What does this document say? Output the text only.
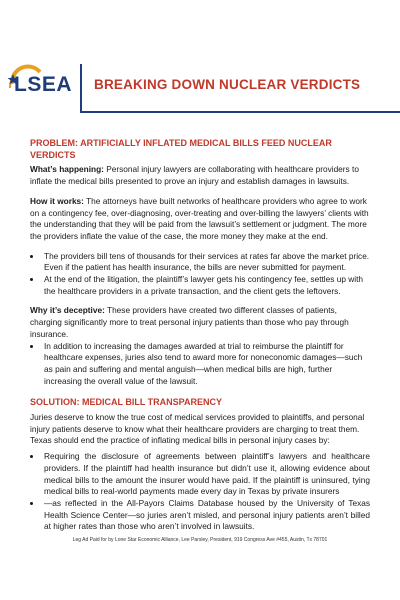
LSEA BREAKING DOWN NUCLEAR VERDICTS
PROBLEM: ARTIFICIALLY INFLATED MEDICAL BILLS FEED NUCLEAR VERDICTS

What’s happening: Personal injury lawyers are collaborating with healthcare providers to inflate the medical bills presented to prove an injury and establish damages in lawsuits.

How it works: The attorneys have built networks of healthcare providers who agree to work on a contingency fee, over-diagnosing, over-treating and over-billing the lawyers’ clients with the understanding that they will be paid from the lawsuit’s settlement or judgment. The more the providers inflate the value of the case, the more money they make at the end.

• The providers bill tens of thousands for their services at rates far above the market price. Even if the patient has health insurance, the bills are never submitted for payment.
• At the end of the litigation, the plaintiff’s lawyer gets his contingency fee, settles up with the healthcare providers in a private transaction, and the client gets the leftovers.

Why it’s deceptive: These providers have created two different classes of patients, charging significantly more to treat personal injury patients than those who pay through insurance.

• In addition to increasing the damages awarded at trial to reimburse the plaintiff for healthcare expenses, juries also tend to award more for noneconomic damages—such as pain and suffering and mental anguish—when medical bills are high, further increasing the overall value of the lawsuit.
SOLUTION: MEDICAL BILL TRANSPARENCY

Juries deserve to know the true cost of medical services provided to plaintiffs, and personal injury patients deserve to know what their healthcare providers are charging to treat them. Texas should end the practice of inflating medical bills in personal injury cases by:

• Requiring the disclosure of agreements between plaintiff’s lawyers and healthcare providers. If the plaintiff had health insurance but didn’t use it, allowing evidence about medical bills to the amount the insurer would have paid. If the plaintiff is uninsured, tying medical bills to real-world payments made every day in Texas by private insurers
• —as reflected in the All-Payors Claims Database housed by the University of Texas Health Science Center—so juries aren’t misled, and personal injury patients aren’t billed at higher rates than those who aren’t involved in lawsuits.
Leg Ad Paid for by Lone Star Economic Alliance, Lee Parsley, President, 919 Congress Ave #455, Austin, Tx 78701
